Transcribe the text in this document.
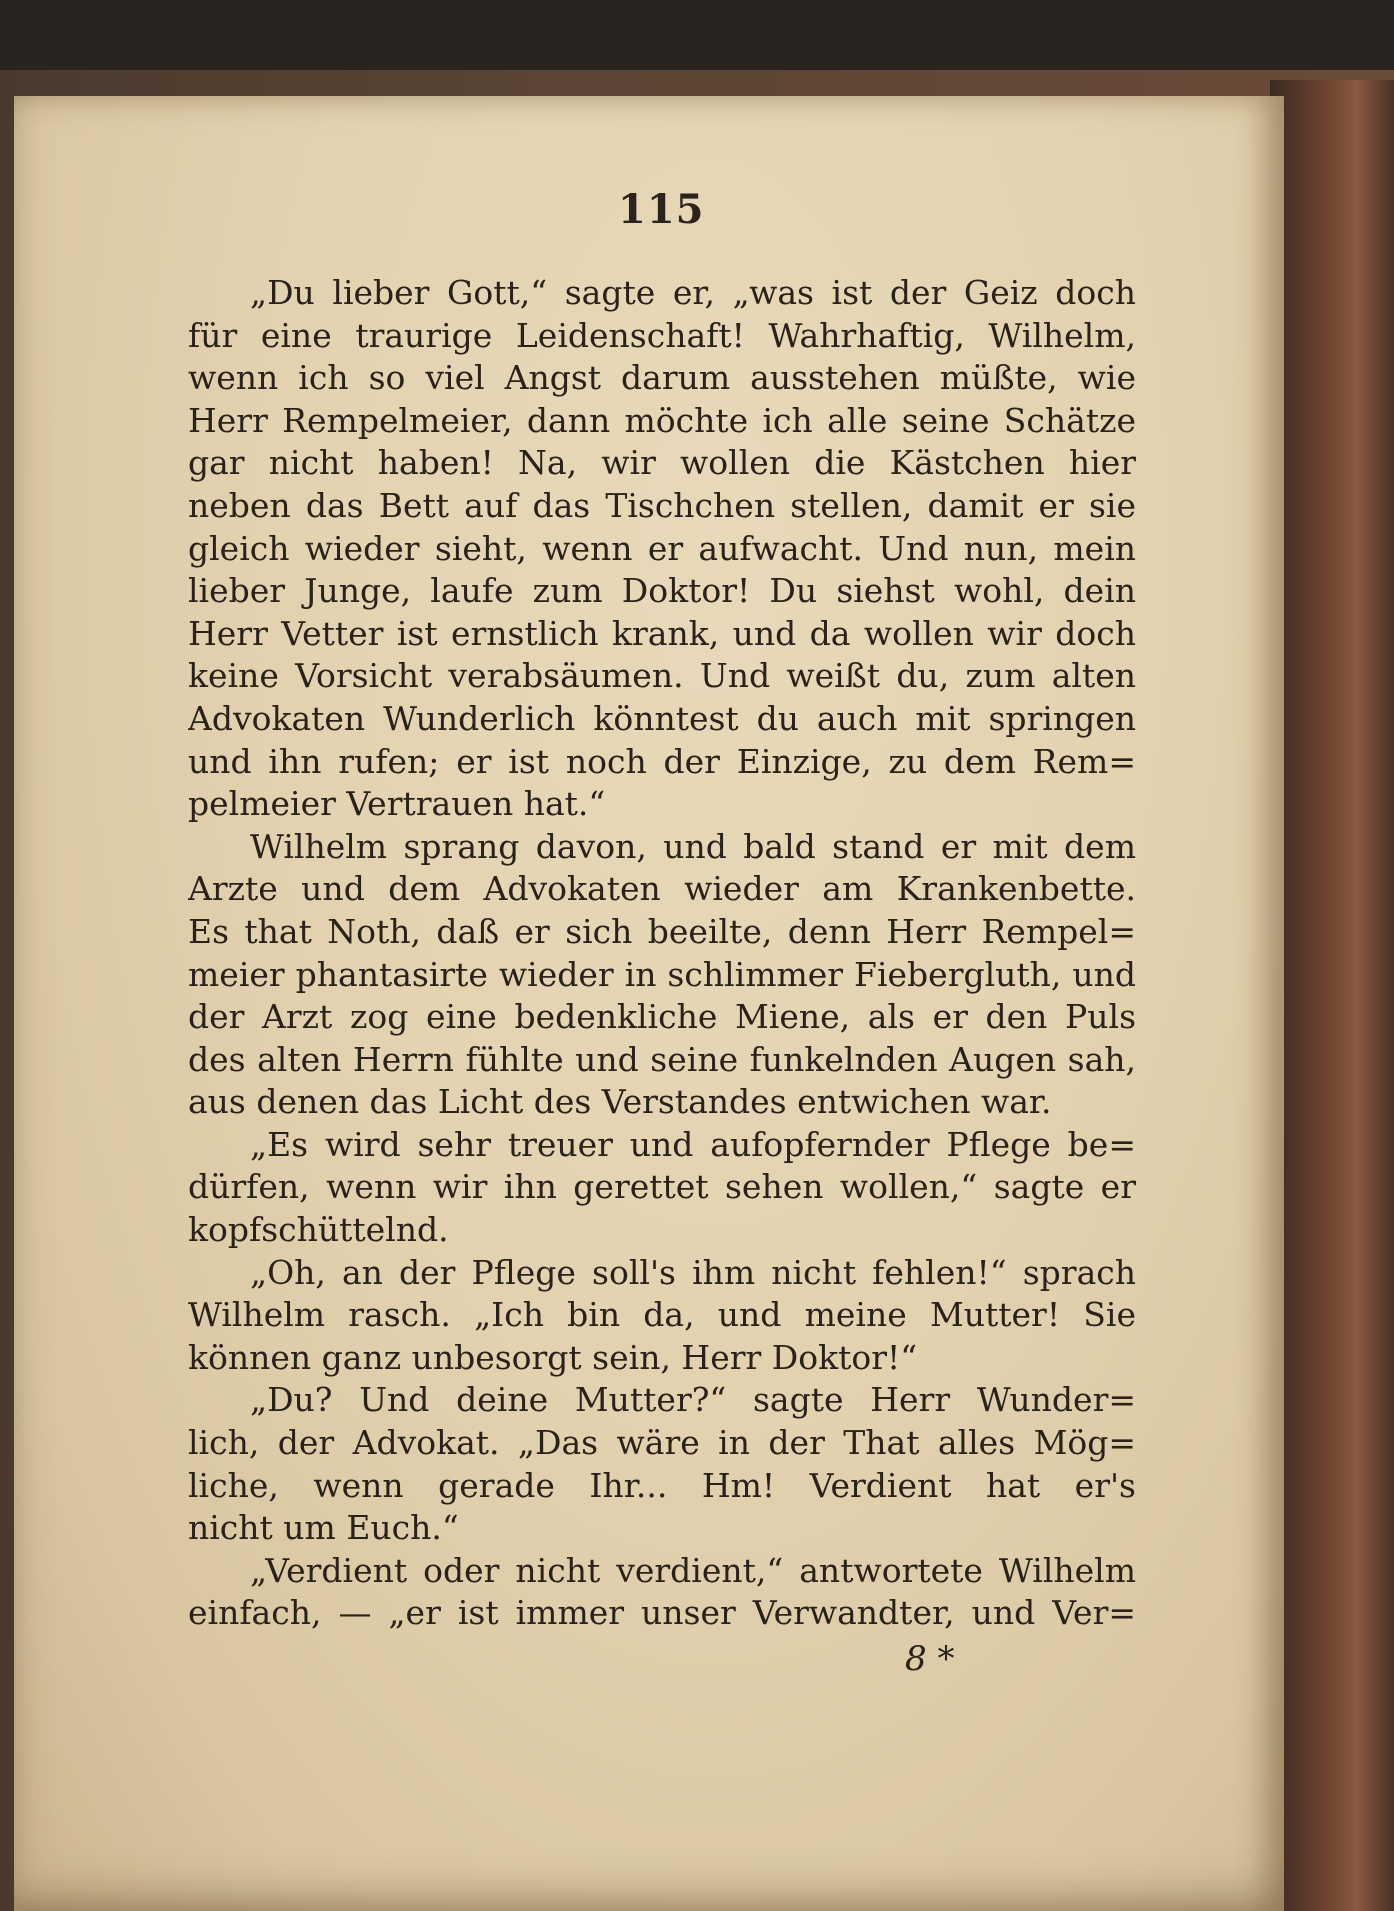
115
„Du lieber Gott,“ sagte er, „was ist der Geiz doch
für eine traurige Leidenschaft! Wahrhaftig, Wilhelm,
wenn ich so viel Angst darum ausstehen müßte, wie
Herr Rempelmeier, dann möchte ich alle seine Schätze
gar nicht haben! Na, wir wollen die Kästchen hier
neben das Bett auf das Tischchen stellen, damit er sie
gleich wieder sieht, wenn er aufwacht. Und nun, mein
lieber Junge, laufe zum Doktor! Du siehst wohl, dein
Herr Vetter ist ernstlich krank, und da wollen wir doch
keine Vorsicht verabsäumen. Und weißt du, zum alten
Advokaten Wunderlich könntest du auch mit springen
und ihn rufen; er ist noch der Einzige, zu dem Rem=
pelmeier Vertrauen hat.“
Wilhelm sprang davon, und bald stand er mit dem
Arzte und dem Advokaten wieder am Krankenbette.
Es that Noth, daß er sich beeilte, denn Herr Rempel=
meier phantasirte wieder in schlimmer Fiebergluth, und
der Arzt zog eine bedenkliche Miene, als er den Puls
des alten Herrn fühlte und seine funkelnden Augen sah,
aus denen das Licht des Verstandes entwichen war.
„Es wird sehr treuer und aufopfernder Pflege be=
dürfen, wenn wir ihn gerettet sehen wollen,“ sagte er
kopfschüttelnd.
„Oh, an der Pflege soll's ihm nicht fehlen!“ sprach
Wilhelm rasch. „Ich bin da, und meine Mutter! Sie
können ganz unbesorgt sein, Herr Doktor!“
„Du? Und deine Mutter?“ sagte Herr Wunder=
lich, der Advokat. „Das wäre in der That alles Mög=
liche, wenn gerade Ihr... Hm! Verdient hat er's
nicht um Euch.“
„Verdient oder nicht verdient,“ antwortete Wilhelm
einfach, — „er ist immer unser Verwandter, und Ver=
8 *
